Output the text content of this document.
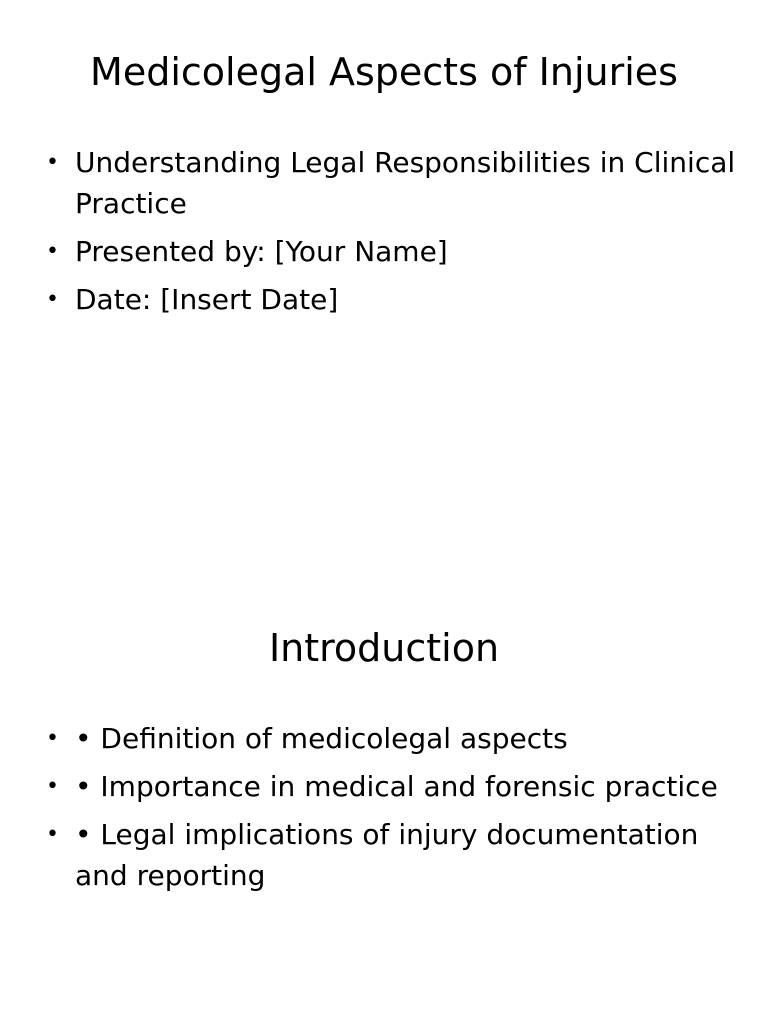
Medicolegal Aspects of Injuries
• Understanding Legal Responsibilities in Clinical Practice
• Presented by: [Your Name]
• Date: [Insert Date]
Introduction
• • Definition of medicolegal aspects
• • Importance in medical and forensic practice
• • Legal implications of injury documentation and reporting
